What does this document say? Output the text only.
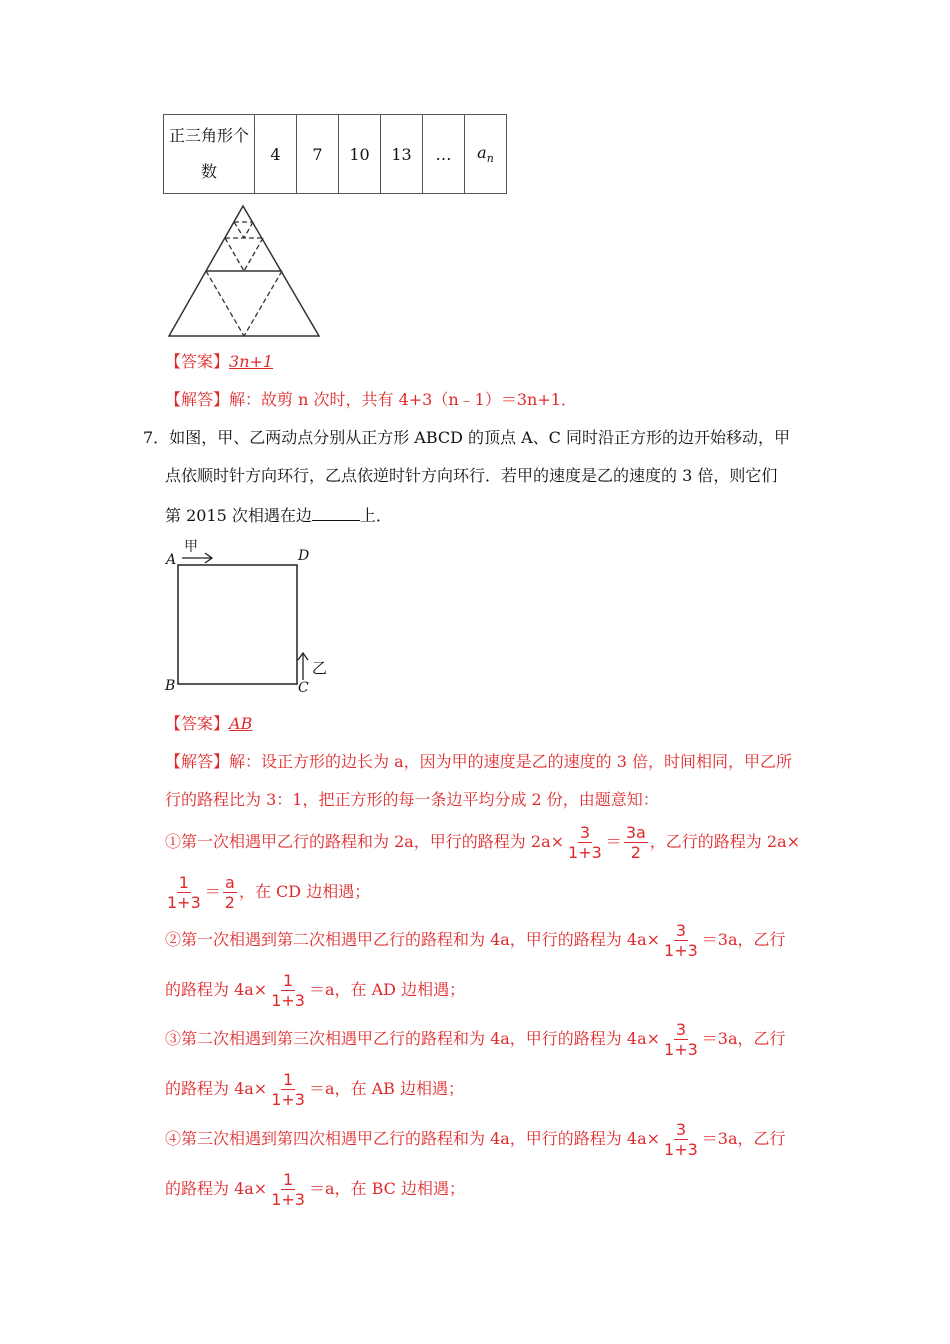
正三角形个
数
	4	7	10	13	…	$a_n$
【答案】3n+1
【解答】解：故剪 n 次时，共有 4+3（n﹣1）＝3n+1．
7．如图，甲、乙两动点分别从正方形 ABCD 的顶点 A、C 同时沿正方形的边开始移动，甲
点依顺时针方向环行，乙点依逆时针方向环行．若甲的速度是乙的速度的 3 倍，则它们
第 2015 次相遇在边	上．
A
甲
D
B	C
乙
【答案】AB
【解答】解：设正方形的边长为 a，因为甲的速度是乙的速度的 3 倍，时间相同，甲乙所
行的路程比为 3：1，把正方形的每一条边平均分成 2 份，由题意知：
①第一次相遇甲乙行的路程和为 2a，甲行的路程为 $2a\times \frac{3}{1+3} = \frac{3a}{2}$ ，乙行的路程为 2a×
$\frac{1}{1+3} = \frac{a}{2}$ ，在 CD 边相遇；
②第一次相遇到第二次相遇甲乙行的路程和为 4a，甲行的路程为 $4a\times \frac{3}{1+3} =3a$，乙行
的路程为 $4a\times \frac{1}{1+3} =a$，在 AD 边相遇；
③第二次相遇到第三次相遇甲乙行的路程和为 4a，甲行的路程为 $4a\times \frac{3}{1+3} =3a$，乙行
的路程为 $4a\times \frac{1}{1+3} =a$，在 AB 边相遇；
④第三次相遇到第四次相遇甲乙行的路程和为 4a，甲行的路程为 $4a\times \frac{3}{1+3} =3a$，乙行
的路程为 $4a\times \frac{1}{1+3} =a$，在 BC 边相遇；
